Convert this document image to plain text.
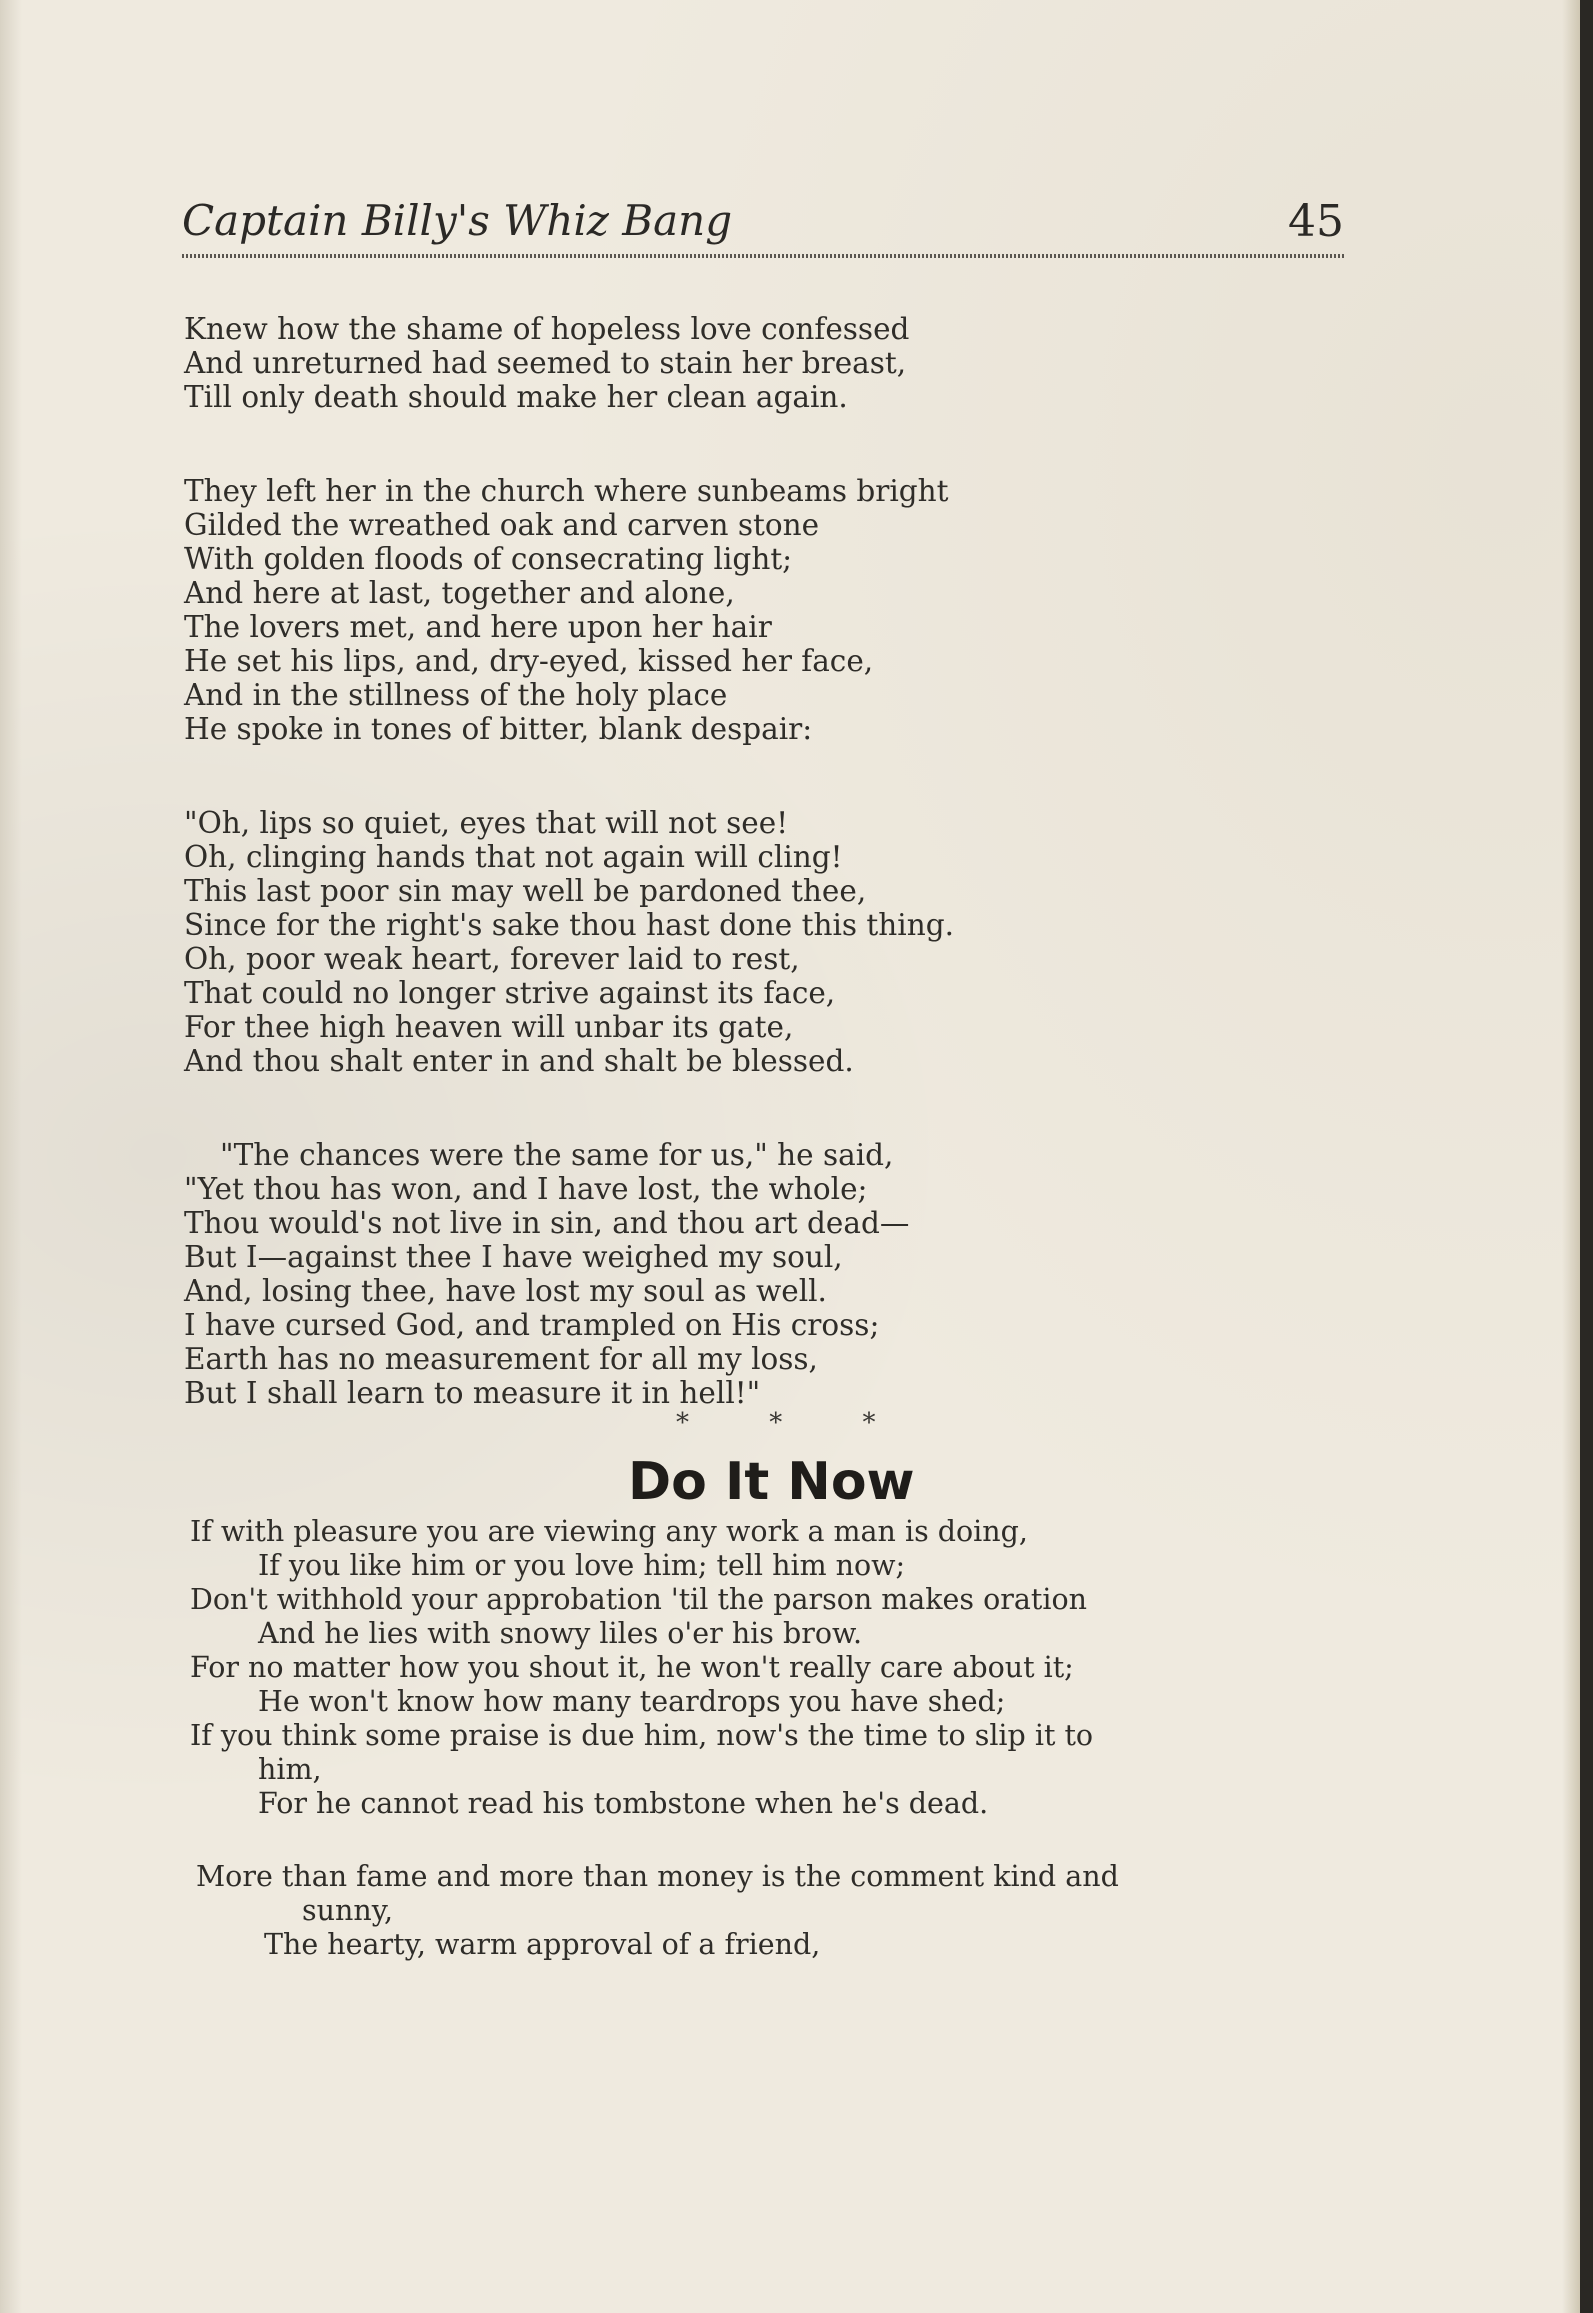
Captain Billy's Whiz Bang	45
Knew how the shame of hopeless love confessed
And unreturned had seemed to stain her breast,
Till only death should make her clean again.
They left her in the church where sunbeams bright
Gilded the wreathed oak and carven stone
With golden floods of consecrating light;
And here at last, together and alone,
The lovers met, and here upon her hair
He set his lips, and, dry-eyed, kissed her face,
And in the stillness of the holy place
He spoke in tones of bitter, blank despair:
"Oh, lips so quiet, eyes that will not see!
Oh, clinging hands that not again will cling!
This last poor sin may well be pardoned thee,
Since for the right's sake thou hast done this thing.
Oh, poor weak heart, forever laid to rest,
That could no longer strive against its face,
For thee high heaven will unbar its gate,
And thou shalt enter in and shalt be blessed.
"The chances were the same for us," he said,
"Yet thou has won, and I have lost, the whole;
Thou would's not live in sin, and thou art dead—
But I—against thee I have weighed my soul,
And, losing thee, have lost my soul as well.
I have cursed God, and trampled on His cross;
Earth has no measurement for all my loss,
But I shall learn to measure it in hell!"
* * *
Do It Now
If with pleasure you are viewing any work a man is doing,
If you like him or you love him; tell him now;
Don't withhold your approbation 'til the parson makes oration
And he lies with snowy liles o'er his brow.
For no matter how you shout it, he won't really care about it;
He won't know how many teardrops you have shed;
If you think some praise is due him, now's the time to slip it to
him,
For he cannot read his tombstone when he's dead.
More than fame and more than money is the comment kind and
sunny,
The hearty, warm approval of a friend,
